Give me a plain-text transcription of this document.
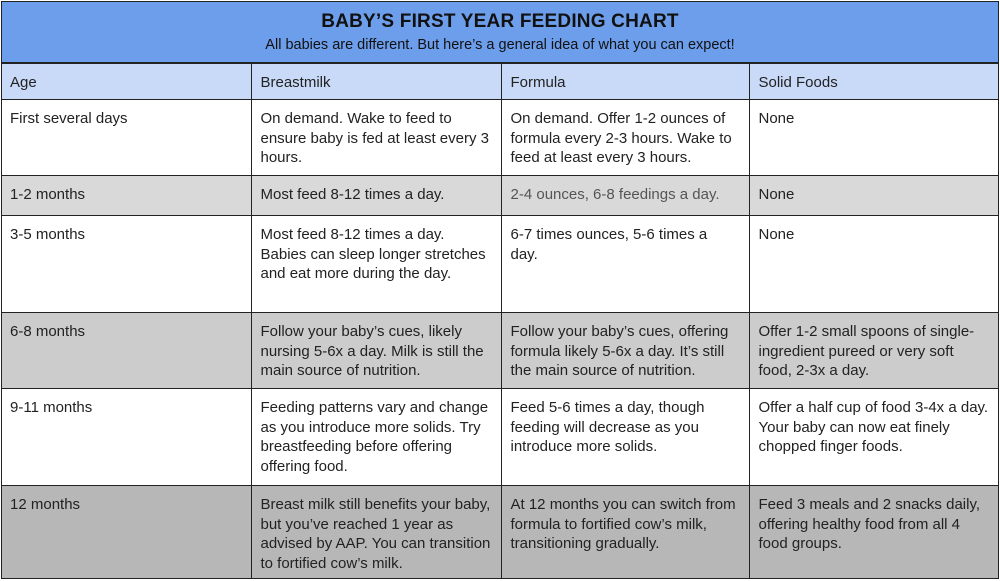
BABY’S FIRST YEAR FEEDING CHART
All babies are different. But here’s a general idea of what you can expect!
Age	Breastmilk	Formula	Solid Foods
First several days	On demand. Wake to feed to ensure baby is fed at least every 3 hours.	On demand. Offer 1-2 ounces of formula every 2-3 hours. Wake to feed at least every 3 hours.	None
1-2 months	Most feed 8-12 times a day.	2-4 ounces, 6-8 feedings a day.	None
3-5 months	Most feed 8-12 times a day. Babies can sleep longer stretches and eat more during the day.	6-7 times ounces, 5-6 times a day.	None
6-8 months	Follow your baby’s cues, likely nursing 5-6x a day. Milk is still the main source of nutrition.	Follow your baby’s cues, offering formula likely 5-6x a day. It’s still the main source of nutrition.	Offer 1-2 small spoons of single-ingredient pureed or very soft food, 2-3x a day.
9-11 months	Feeding patterns vary and change as you introduce more solids. Try breastfeeding before offering offering food.	Feed 5-6 times a day, though feeding will decrease as you introduce more solids.	Offer a half cup of food 3-4x a day. Your baby can now eat finely chopped finger foods.
12 months	Breast milk still benefits your baby, but you’ve reached 1 year as advised by AAP. You can transition to fortified cow’s milk.	At 12 months you can switch from formula to fortified cow’s milk, transitioning gradually.	Feed 3 meals and 2 snacks daily, offering healthy food from all 4 food groups.
